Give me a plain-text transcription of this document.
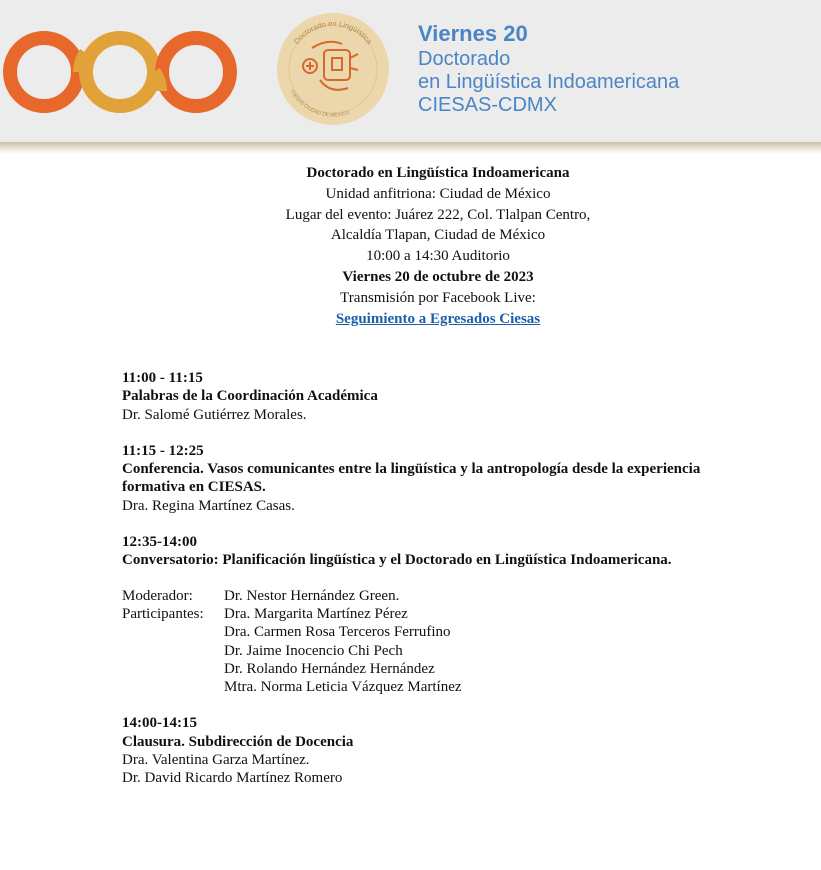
Doctorado en Lingüística
CIESAS CIUDAD DE MÉXICO
Viernes 20
Doctorado
en Lingüística Indoamericana
CIESAS-CDMX
Doctorado en Lingüística Indoamericana
Unidad anfitriona: Ciudad de México
Lugar del evento: Juárez 222, Col. Tlalpan Centro,
Alcaldía Tlapan, Ciudad de México
10:00 a 14:30 Auditorio
Viernes 20 de octubre de 2023
Transmisión por Facebook Live:
Seguimiento a Egresados Ciesas
11:00 - 11:15
Palabras de la Coordinación Académica
Dr. Salomé Gutiérrez Morales.
11:15 - 12:25
Conferencia. Vasos comunicantes entre la lingüística y la antropología desde la experiencia formativa en CIESAS.
Dra. Regina Martínez Casas.
12:35-14:00
Conversatorio: Planificación lingüística y el Doctorado en Lingüística Indoamericana.
Moderador:	Dr. Nestor Hernández Green.
Participantes:	Dra. Margarita Martínez Pérez
Dra. Carmen Rosa Terceros Ferrufino
Dr. Jaime Inocencio Chi Pech
Dr. Rolando Hernández Hernández
Mtra. Norma Leticia Vázquez Martínez
14:00-14:15
Clausura. Subdirección de Docencia
Dra. Valentina Garza Martínez.
Dr. David Ricardo Martínez Romero
